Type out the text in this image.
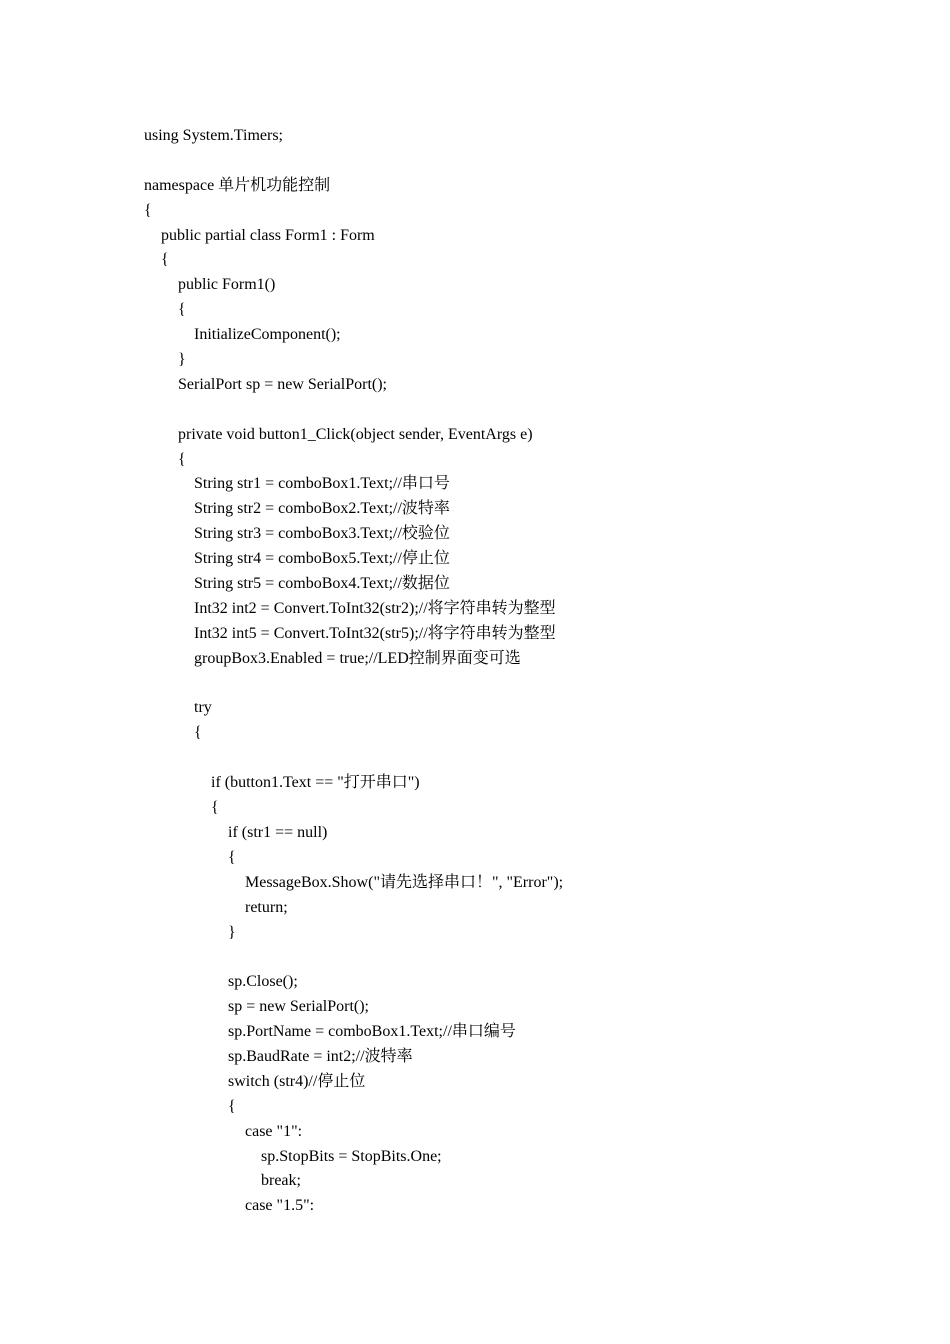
using System.Timers;
namespace 单片机功能控制
{
public partial class Form1 : Form
{
public Form1()
{
InitializeComponent();
}
SerialPort sp = new SerialPort();
private void button1_Click(object sender, EventArgs e)
{
String str1 = comboBox1.Text;//串口号
String str2 = comboBox2.Text;//波特率
String str3 = comboBox3.Text;//校验位
String str4 = comboBox5.Text;//停止位
String str5 = comboBox4.Text;//数据位
Int32 int2 = Convert.ToInt32(str2);//将字符串转为整型
Int32 int5 = Convert.ToInt32(str5);//将字符串转为整型
groupBox3.Enabled = true;//LED控制界面变可选
try
{
if (button1.Text == "打开串口")
{
if (str1 == null)
{
MessageBox.Show("请先选择串口！", "Error");
return;
}
sp.Close();
sp = new SerialPort();
sp.PortName = comboBox1.Text;//串口编号
sp.BaudRate = int2;//波特率
switch (str4)//停止位
{
case "1":
sp.StopBits = StopBits.One;
break;
case "1.5":
